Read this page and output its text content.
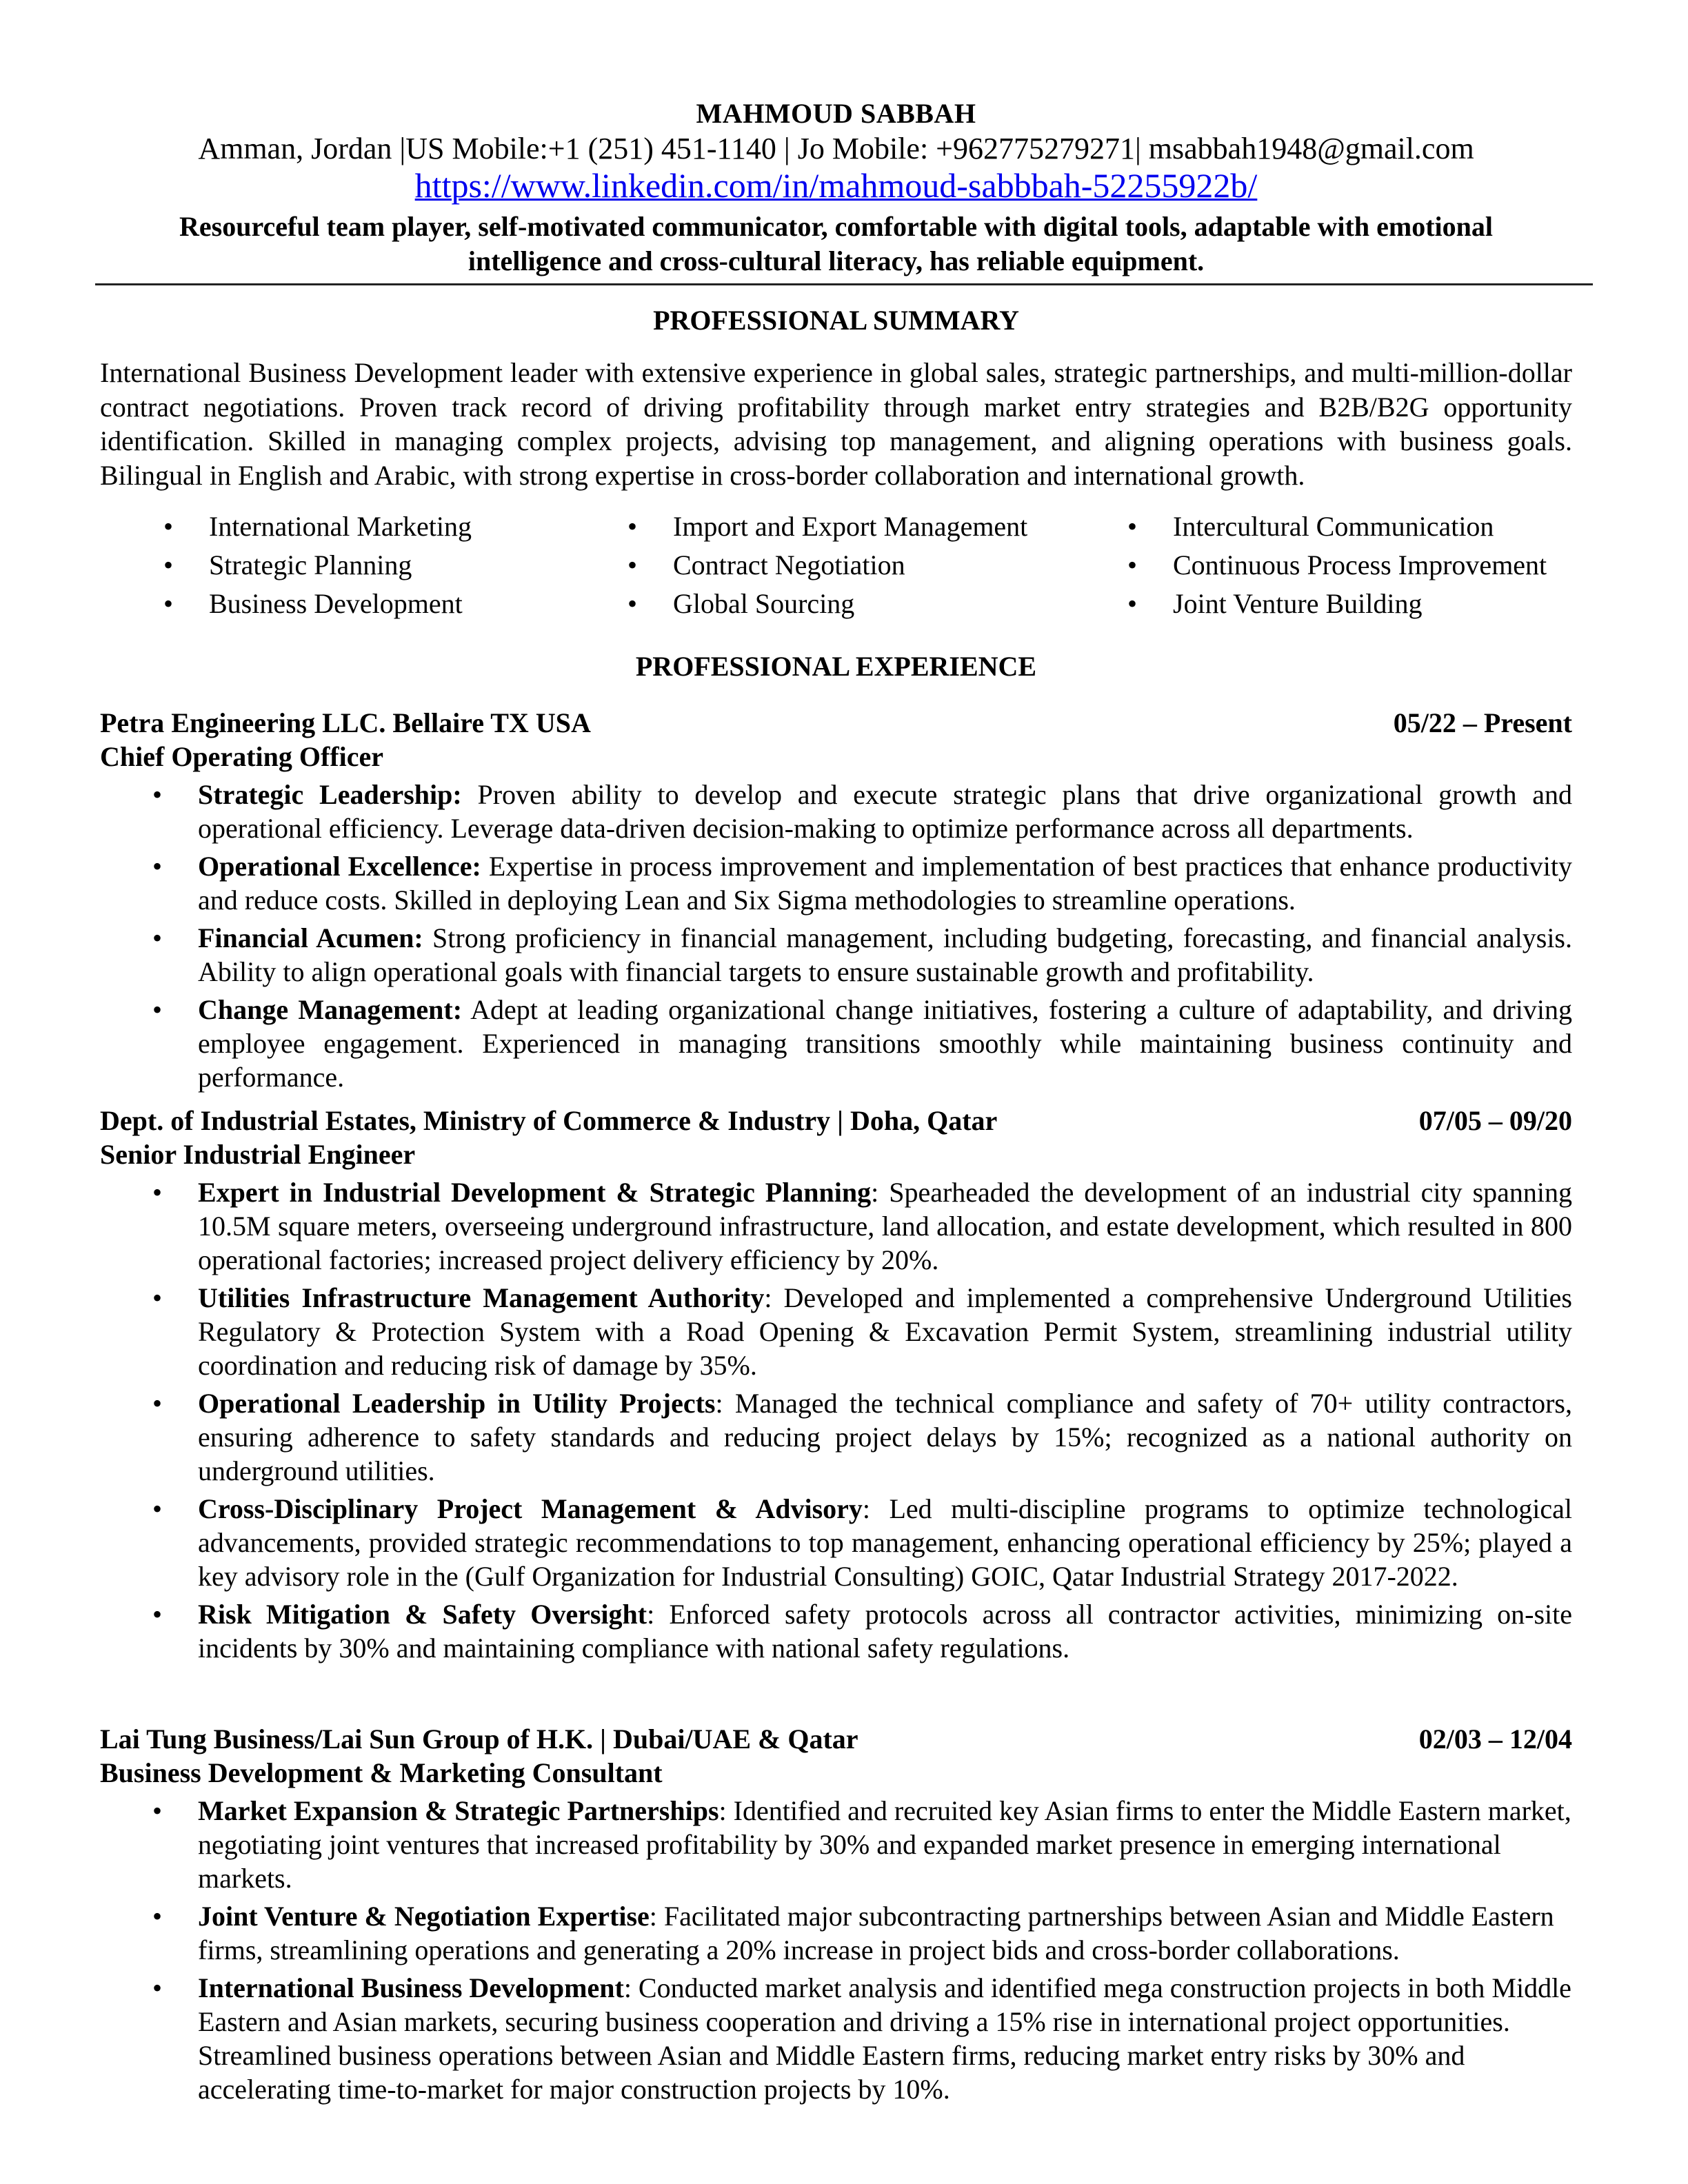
MAHMOUD SABBAH
Amman, Jordan |US Mobile:+1 (251) 451-1140 | Jo Mobile: +962775279271| msabbah1948@gmail.com
https://www.linkedin.com/in/mahmoud-sabbbah-52255922b/
Resourceful team player, self-motivated communicator, comfortable with digital tools, adaptable with emotional
intelligence and cross-cultural literacy, has reliable equipment.
PROFESSIONAL SUMMARY
International Business Development leader with extensive experience in global sales, strategic partnerships, and multi-million-dollar contract negotiations. Proven track record of driving profitability through market entry strategies and B2B/B2G opportunity identification. Skilled in managing complex projects, advising top management, and aligning operations with business goals. Bilingual in English and Arabic, with strong expertise in cross-border collaboration and international growth.
• International Marketing
• Strategic Planning
• Business Development
• Import and Export Management
• Contract Negotiation
• Global Sourcing
• Intercultural Communication
• Continuous Process Improvement
• Joint Venture Building
PROFESSIONAL EXPERIENCE
Petra Engineering LLC. Bellaire TX USA	05/22 – Present
Chief Operating Officer
• Strategic Leadership: Proven ability to develop and execute strategic plans that drive organizational growth and operational efficiency. Leverage data-driven decision-making to optimize performance across all departments.
• Operational Excellence: Expertise in process improvement and implementation of best practices that enhance productivity and reduce costs. Skilled in deploying Lean and Six Sigma methodologies to streamline operations.
• Financial Acumen: Strong proficiency in financial management, including budgeting, forecasting, and financial analysis. Ability to align operational goals with financial targets to ensure sustainable growth and profitability.
• Change Management: Adept at leading organizational change initiatives, fostering a culture of adaptability, and driving employee engagement. Experienced in managing transitions smoothly while maintaining business continuity and performance.
Dept. of Industrial Estates, Ministry of Commerce & Industry | Doha, Qatar	07/05 – 09/20
Senior Industrial Engineer
• Expert in Industrial Development & Strategic Planning: Spearheaded the development of an industrial city spanning 10.5M square meters, overseeing underground infrastructure, land allocation, and estate development, which resulted in 800 operational factories; increased project delivery efficiency by 20%.
• Utilities Infrastructure Management Authority: Developed and implemented a comprehensive Underground Utilities Regulatory & Protection System with a Road Opening & Excavation Permit System, streamlining industrial utility coordination and reducing risk of damage by 35%.
• Operational Leadership in Utility Projects: Managed the technical compliance and safety of 70+ utility contractors, ensuring adherence to safety standards and reducing project delays by 15%; recognized as a national authority on underground utilities.
• Cross-Disciplinary Project Management & Advisory: Led multi-discipline programs to optimize technological advancements, provided strategic recommendations to top management, enhancing operational efficiency by 25%; played a key advisory role in the (Gulf Organization for Industrial Consulting) GOIC, Qatar Industrial Strategy 2017-2022.
• Risk Mitigation & Safety Oversight: Enforced safety protocols across all contractor activities, minimizing on-site incidents by 30% and maintaining compliance with national safety regulations.
Lai Tung Business/Lai Sun Group of H.K. | Dubai/UAE & Qatar	02/03 – 12/04
Business Development & Marketing Consultant
• Market Expansion & Strategic Partnerships: Identified and recruited key Asian firms to enter the Middle Eastern market, negotiating joint ventures that increased profitability by 30% and expanded market presence in emerging international markets.
• Joint Venture & Negotiation Expertise: Facilitated major subcontracting partnerships between Asian and Middle Eastern firms, streamlining operations and generating a 20% increase in project bids and cross-border collaborations.
• International Business Development: Conducted market analysis and identified mega construction projects in both Middle Eastern and Asian markets, securing business cooperation and driving a 15% rise in international project opportunities. Streamlined business operations between Asian and Middle Eastern firms, reducing market entry risks by 30% and accelerating time-to-market for major construction projects by 10%.
